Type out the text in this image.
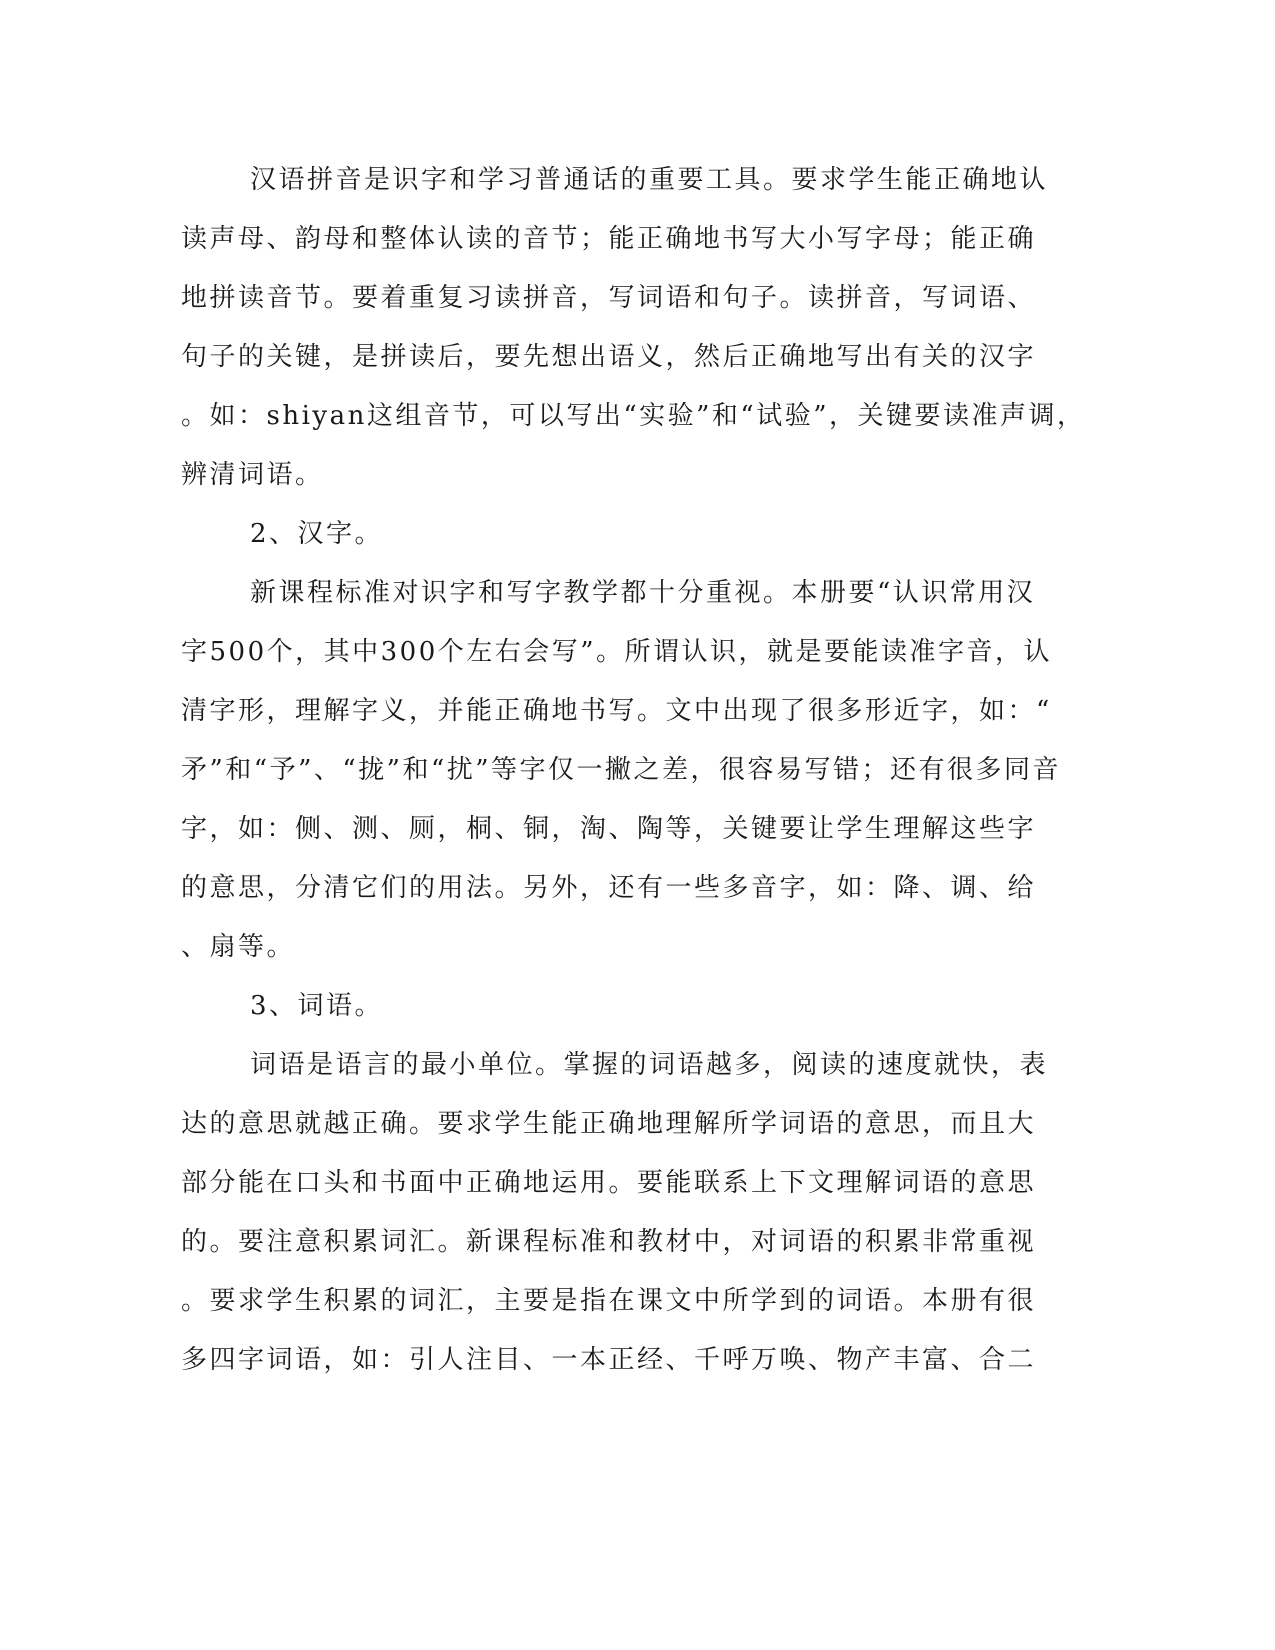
汉语拼音是识字和学习普通话的重要工具。要求学生能正确地认
读声母、韵母和整体认读的音节；能正确地书写大小写字母；能正确
地拼读音节。要着重复习读拼音，写词语和句子。读拼音，写词语、
句子的关键，是拼读后，要先想出语义，然后正确地写出有关的汉字
。如：shiyan这组音节，可以写出“实验”和“试验”，关键要读准声调，
辨清词语。
2、汉字。
新课程标准对识字和写字教学都十分重视。本册要“认识常用汉
字500个，其中300个左右会写”。所谓认识，就是要能读准字音，认
清字形，理解字义，并能正确地书写。文中出现了很多形近字，如：“
矛”和“予”、“拢”和“扰”等字仅一撇之差，很容易写错；还有很多同音
字，如：侧、测、厕，桐、铜，淘、陶等，关键要让学生理解这些字
的意思，分清它们的用法。另外，还有一些多音字，如：降、调、给
、扇等。
3、词语。
词语是语言的最小单位。掌握的词语越多，阅读的速度就快，表
达的意思就越正确。要求学生能正确地理解所学词语的意思，而且大
部分能在口头和书面中正确地运用。要能联系上下文理解词语的意思
的。要注意积累词汇。新课程标准和教材中，对词语的积累非常重视
。要求学生积累的词汇，主要是指在课文中所学到的词语。本册有很
多四字词语，如：引人注目、一本正经、千呼万唤、物产丰富、合二
